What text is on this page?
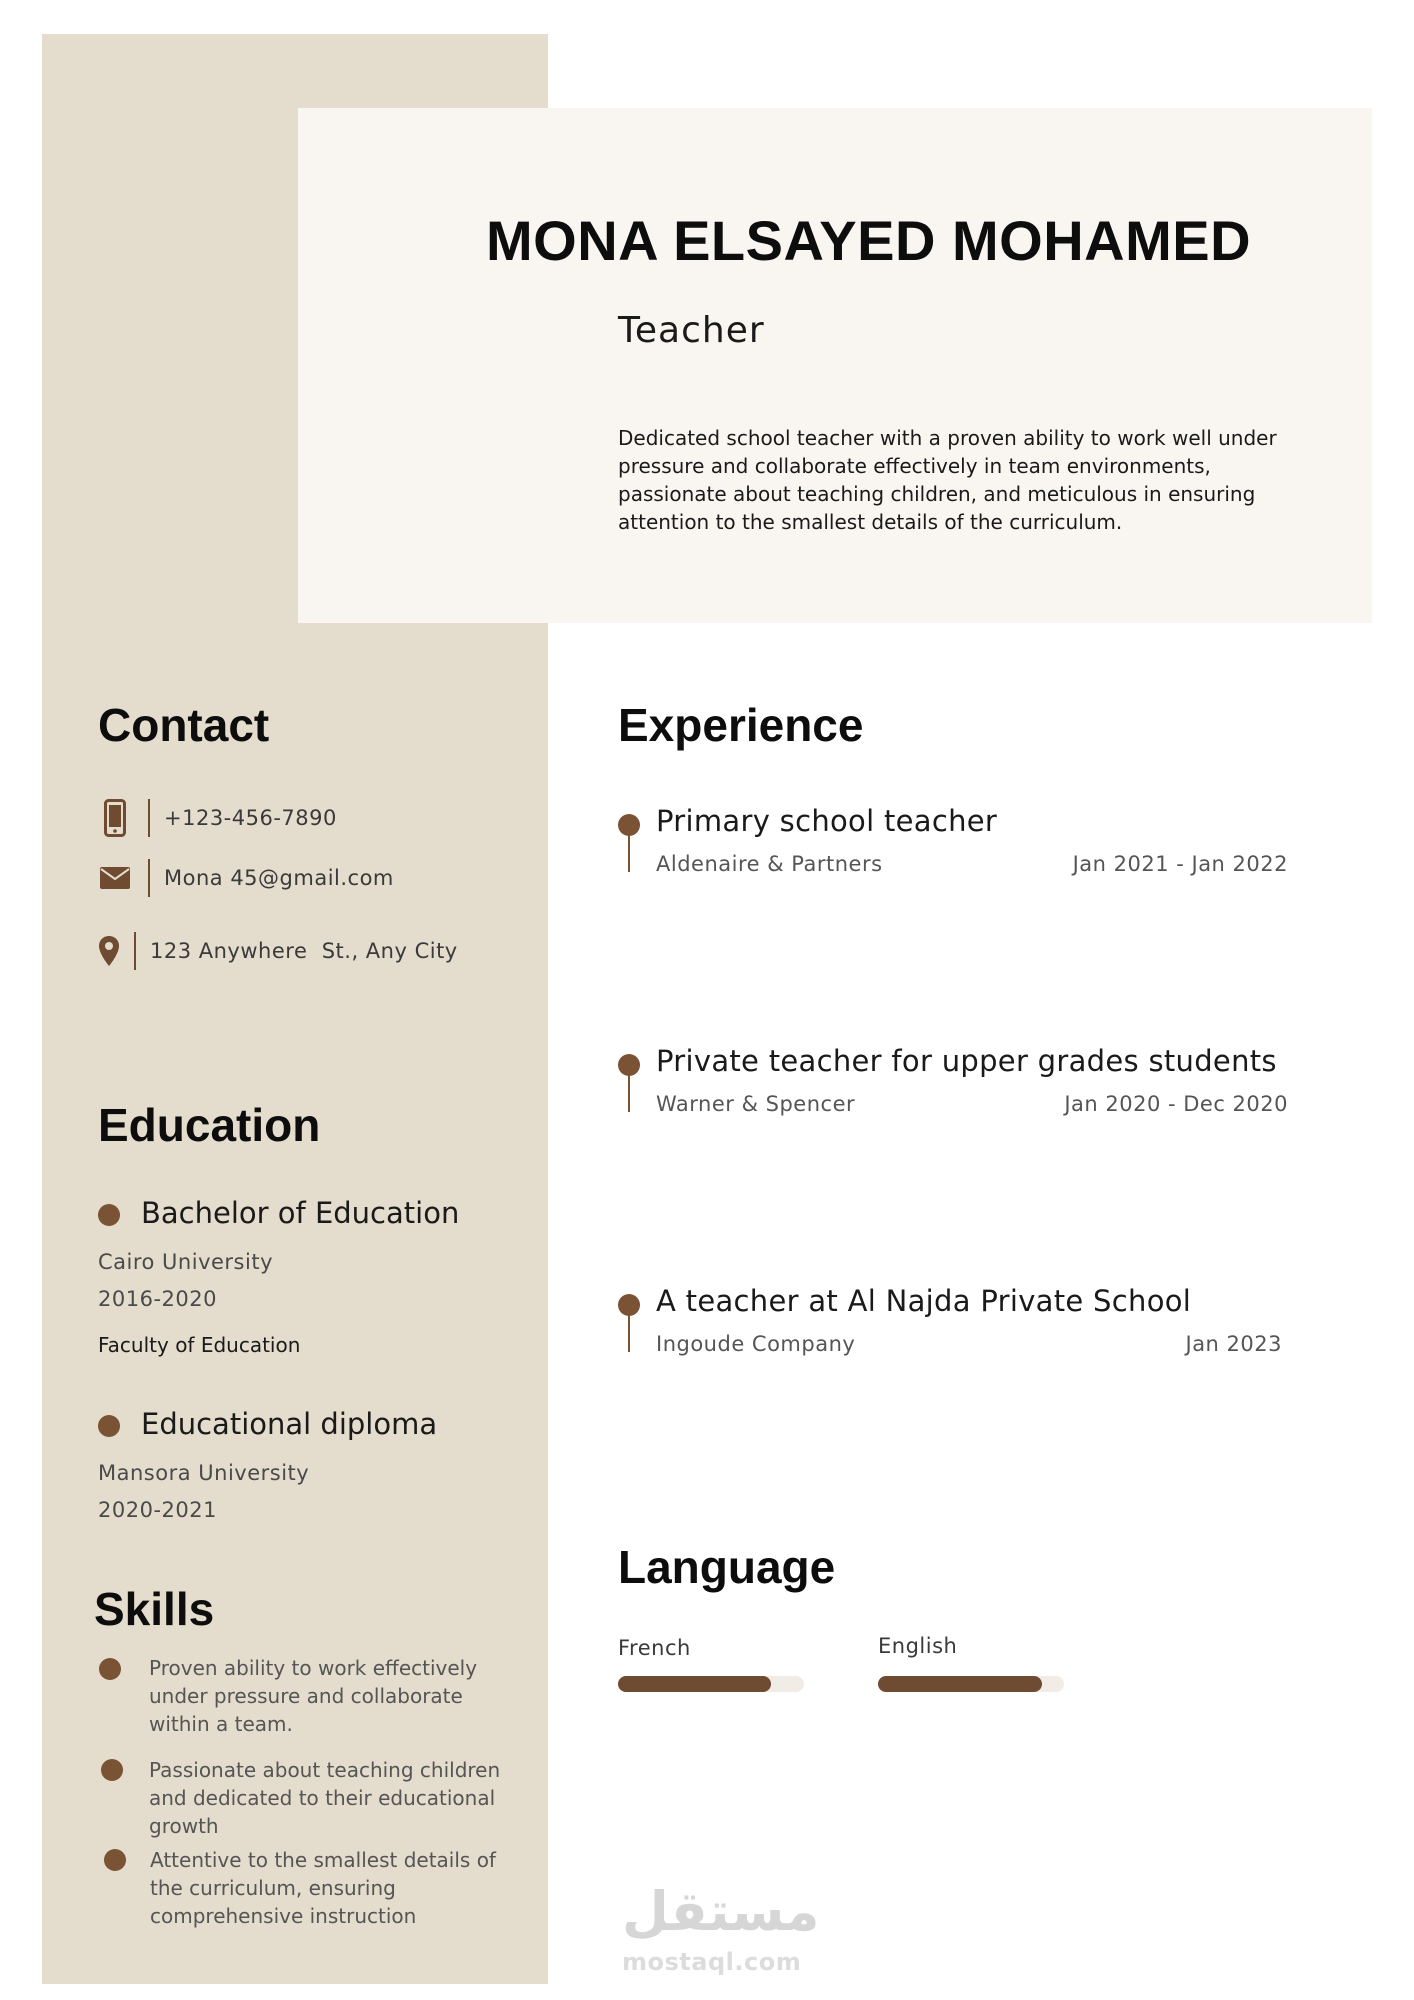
MONA ELSAYED MOHAMED
Teacher
Dedicated school teacher with a proven ability to work well under pressure and collaborate effectively in team environments, passionate about teaching children, and meticulous in ensuring attention to the smallest details of the curriculum.
Contact
+123-456-7890
Mona 45@gmail.com
123 Anywhere  St., Any City
Education
Bachelor of Education
Cairo University
2016-2020
Faculty of Education
Educational diploma
Mansora University
2020-2021
Skills
Proven ability to work effectively under pressure and collaborate within a team.
Passionate about teaching children and dedicated to their educational growth
Attentive to the smallest details of the curriculum, ensuring comprehensive instruction
Experience
Primary school teacher
Aldenaire & Partners	Jan 2021 - Jan 2022
Private teacher for upper grades students
Warner & Spencer	Jan 2020 - Dec 2020
A teacher at Al Najda Private School
Ingoude Company	Jan 2023
Language
French	English
مستقل
mostaql.com
